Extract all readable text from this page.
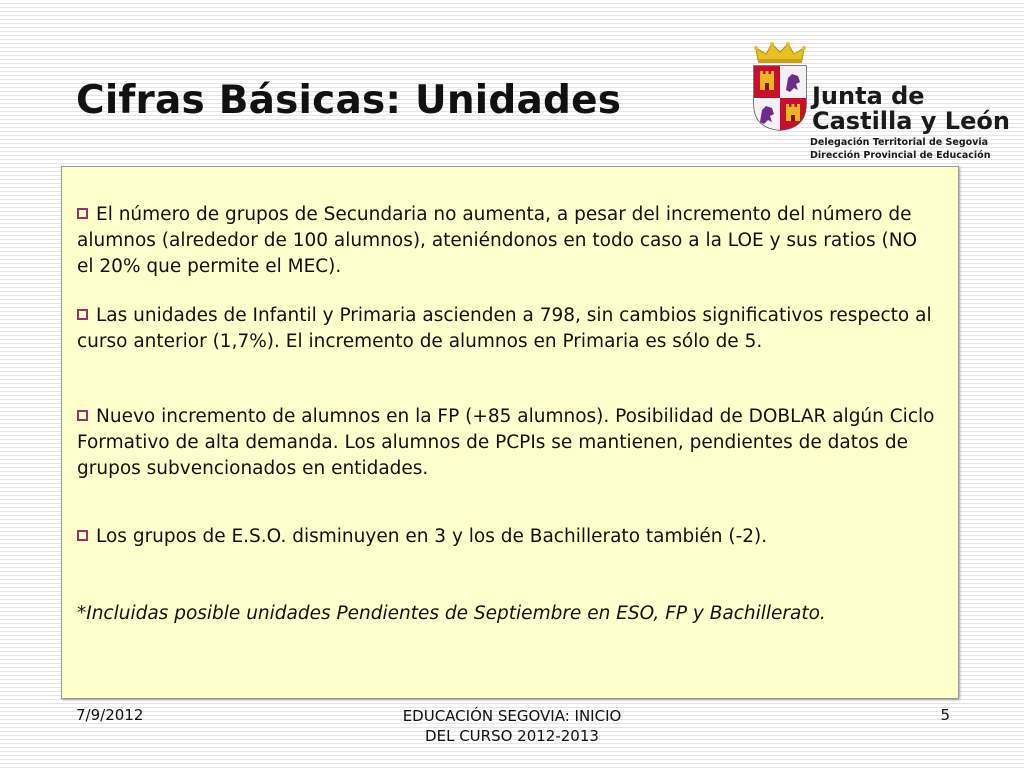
Cifras Básicas: Unidades	Junta de
Castilla y León
Delegación Territorial de Segovia
Dirección Provincial de Educación

El número de grupos de Secundaria no aumenta, a pesar del incremento del número de alumnos (alrededor de 100 alumnos), ateniéndonos en todo caso a la LOE y sus ratios (NO el 20% que permite el MEC).

Las unidades de Infantil y Primaria ascienden a 798, sin cambios significativos respecto al curso anterior (1,7%). El incremento de alumnos en Primaria es sólo de 5.

Nuevo incremento de alumnos en la FP (+85 alumnos). Posibilidad de DOBLAR algún Ciclo Formativo de alta demanda. Los alumnos de PCPIs se mantienen, pendientes de datos de grupos subvencionados en entidades.

Los grupos de E.S.O. disminuyen en 3 y los de Bachillerato también (-2).

*Incluidas posible unidades Pendientes de Septiembre en ESO, FP y Bachillerato.

7/9/2012	EDUCACIÓN SEGOVIA: INICIO
DEL CURSO 2012-2013
5
